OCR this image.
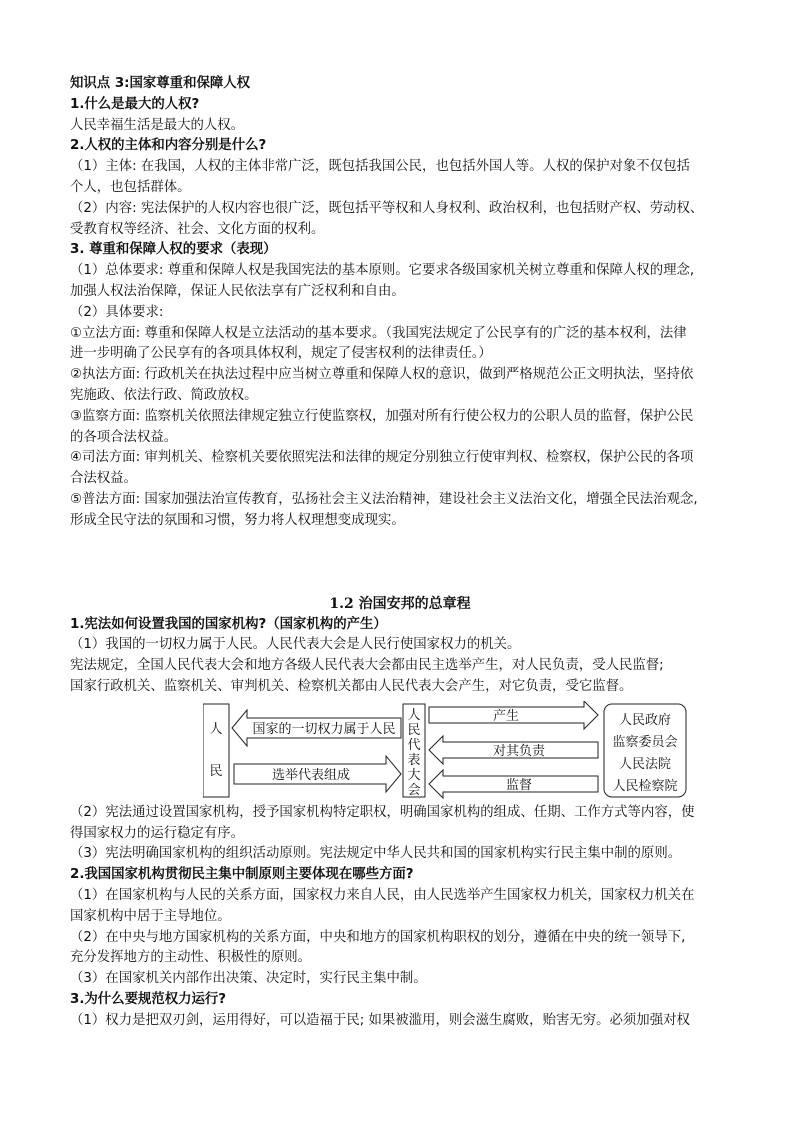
知识点 3:国家尊重和保障人权
1.什么是最大的人权?
人民幸福生活是最大的人权。
2.人权的主体和内容分别是什么?
（1）主体: 在我国，人权的主体非常广泛，既包括我国公民，也包括外国人等。人权的保护对象不仅包括
个人，也包括群体。
（2）内容: 宪法保护的人权内容也很广泛，既包括平等权和人身权利、政治权利，也包括财产权、劳动权、
受教育权等经济、社会、文化方面的权利。
3. 尊重和保障人权的要求（表现）
（1）总体要求: 尊重和保障人权是我国宪法的基本原则。它要求各级国家机关树立尊重和保障人权的理念,
加强人权法治保障，保证人民依法享有广泛权利和自由。
（2）具体要求:
①立法方面: 尊重和保障人权是立法活动的基本要求。（我国宪法规定了公民享有的广泛的基本权利，法律
进一步明确了公民享有的各项具体权利，规定了侵害权利的法律责任。）
②执法方面: 行政机关在执法过程中应当树立尊重和保障人权的意识，做到严格规范公正文明执法，坚持依
宪施政、依法行政、简政放权。
③监察方面: 监察机关依照法律规定独立行使监察权，加强对所有行使公权力的公职人员的监督，保护公民
的各项合法权益。
④司法方面: 审判机关、检察机关要依照宪法和法律的规定分别独立行使审判权、检察权，保护公民的各项
合法权益。
⑤普法方面: 国家加强法治宣传教育，弘扬社会主义法治精神，建设社会主义法治文化，增强全民法治观念,
形成全民守法的氛围和习惯，努力将人权理想变成现实。
1.2 治国安邦的总章程
1.宪法如何设置我国的国家机构?（国家机构的产生）
（1）我国的一切权力属于人民。人民代表大会是人民行使国家权力的机关。
宪法规定，全国人民代表大会和地方各级人民代表大会都由民主选举产生，对人民负责，受人民监督;
国家行政机关、监察机关、审判机关、检察机关都由人民代表大会产生，对它负责，受它监督。
人
民
国家的一切权力属于人民
选举代表组成
人
民
代
表
大
会
产生
对其负责
监督
人民政府
监察委员会
人民法院
人民检察院
（2）宪法通过设置国家机构，授予国家机构特定职权，明确国家机构的组成、任期、工作方式等内容，使
得国家权力的运行稳定有序。
（3）宪法明确国家机构的组织活动原则。宪法规定中华人民共和国的国家机构实行民主集中制的原则。
2.我国国家机构贯彻民主集中制原则主要体现在哪些方面?
（1）在国家机构与人民的关系方面，国家权力来自人民，由人民选举产生国家权力机关，国家权力机关在
国家机构中居于主导地位。
（2）在中央与地方国家机构的关系方面，中央和地方的国家机构职权的划分，遵循在中央的统一领导下,
充分发挥地方的主动性、积极性的原则。
（3）在国家机关内部作出决策、决定时，实行民主集中制。
3.为什么要规范权力运行?
（1）权力是把双刃剑，运用得好，可以造福于民; 如果被滥用，则会滋生腐败，贻害无穷。必须加强对权
